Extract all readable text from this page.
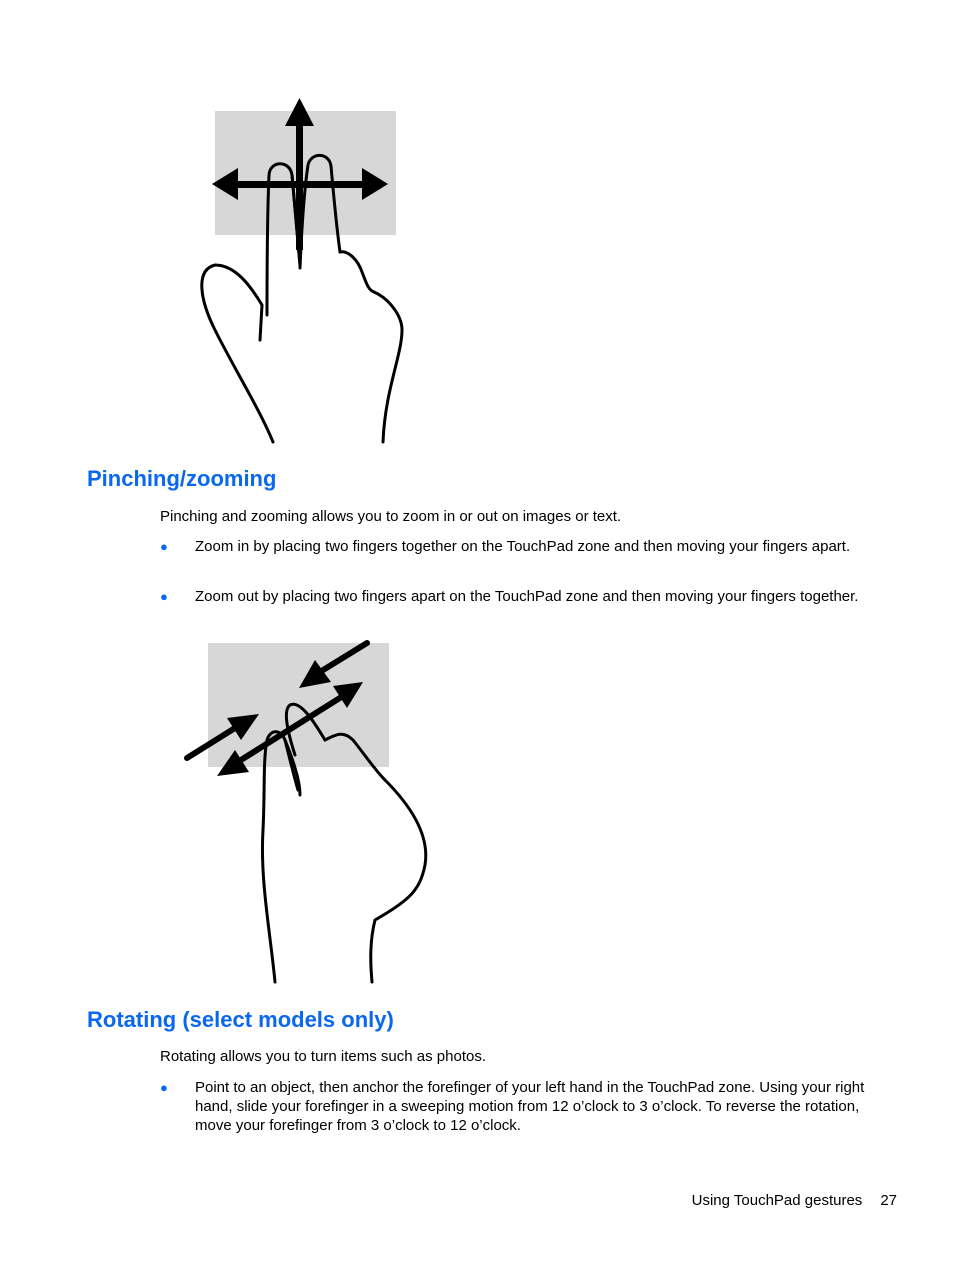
Pinching/zooming

Pinching and zooming allows you to zoom in or out on images or text.

● Zoom in by placing two fingers together on the TouchPad zone and then moving your fingers apart.
● Zoom out by placing two fingers apart on the TouchPad zone and then moving your fingers together.
Rotating (select models only)

Rotating allows you to turn items such as photos.

● Point to an object, then anchor the forefinger of your left hand in the TouchPad zone. Using your right hand, slide your forefinger in a sweeping motion from 12 o’clock to 3 o’clock. To reverse the rotation, move your forefinger from 3 o’clock to 12 o’clock.
Using TouchPad gestures 27
